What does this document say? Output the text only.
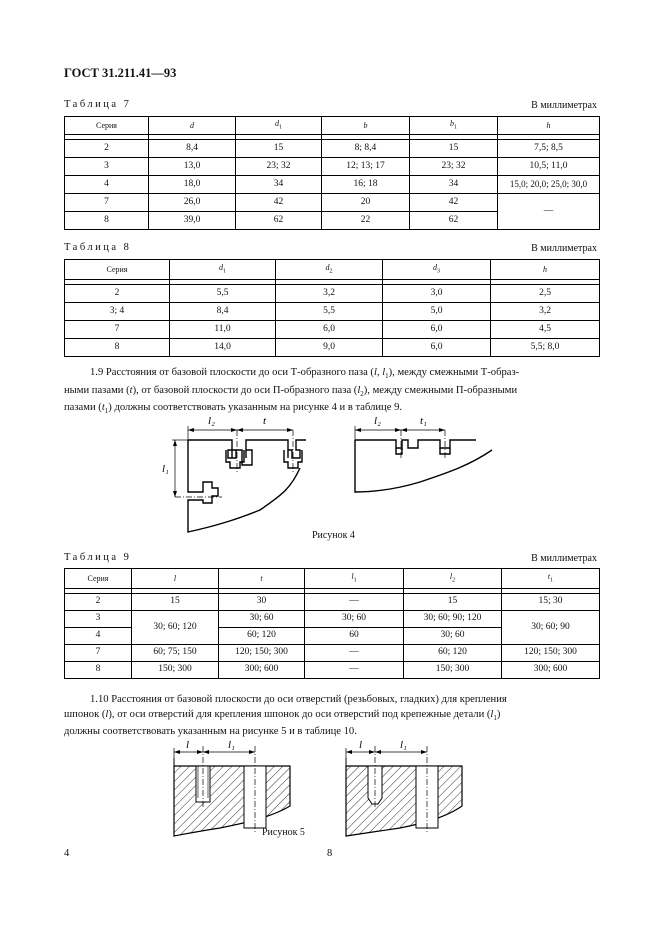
ГОСТ 31.211.41—93
Таблица 7	В миллиметрах
Серия	d	$d_1$	b	$b_1$	h

2	8,4	15	8; 8,4	15	7,5; 8,5
3	13,0	23; 32	12; 13; 17	23; 32	10,5; 11,0
4	18,0	34	16; 18	34	15,0; 20,0; 25,0; 30,0
7	26,0	42	20	42	—
8	39,0	62	22	62	
Таблица 8	В миллиметрах
Серия	$d_1$	$d_2$	$d_3$	h

2	5,5	3,2	3,0	2,5
3; 4	8,4	5,5	5,0	3,2
7	11,0	6,0	6,0	4,5
8	14,0	9,0	6,0	5,5; 8,0
1.9 Расстояния от базовой плоскости до оси Т-образного паза (l, $l_1$), между смежными Т-образ-
ными пазами (t), от базовой плоскости до оси П-образного паза $(l_2)$, между смежными П-образными
пазами $(t_1)$ должны соответствовать указанным на рисунке 4 и в таблице 9.
l₂	t
l₁
l₂	t₁
Рисунок 4
Таблица 9	В миллиметрах
Серия	l	t	$l_1$	$l_2$	$t_1$

2	15	30	—	15	15; 30
3	30; 60; 120	30; 60	30; 60	30; 60; 90; 120	30; 60; 90
4		60; 120	60	30; 60	
7	60; 75; 150	120; 150; 300	—	60; 120	120; 150; 300
8	150; 300	300; 600	—	150; 300	300; 600
1.10 Расстояния от базовой плоскости до оси отверстий (резьбовых, гладких) для крепления
шпонок (l), от оси отверстий для крепления шпонок до оси отверстий под крепежные детали $(l_1)$
должны соответствовать указанным на рисунке 5 и в таблице 10.
l	l₁	l	l₁
Рисунок 5
4	8
